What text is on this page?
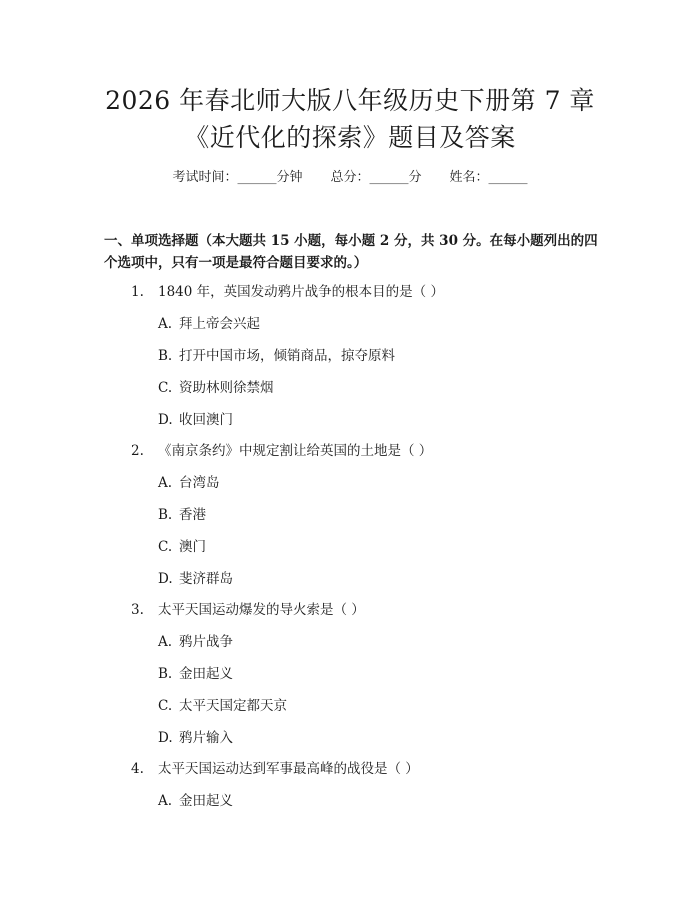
2026 年春北师大版八年级历史下册第 7 章
《近代化的探索》题目及答案
考试时间：______分钟 总分：______分 姓名：______
一、单项选择题（本大题共 15 小题，每小题 2 分，共 30 分。在每小题列出的四个选项中，只有一项是最符合题目要求的。）
1. 1840 年，英国发动鸦片战争的根本目的是（ ）
A. 拜上帝会兴起
B. 打开中国市场，倾销商品，掠夺原料
C. 资助林则徐禁烟
D. 收回澳门
2. 《南京条约》中规定割让给英国的土地是（ ）
A. 台湾岛
B. 香港
C. 澳门
D. 斐济群岛
3. 太平天国运动爆发的导火索是（ ）
A. 鸦片战争
B. 金田起义
C. 太平天国定都天京
D. 鸦片输入
4. 太平天国运动达到军事最高峰的战役是（ ）
A. 金田起义
